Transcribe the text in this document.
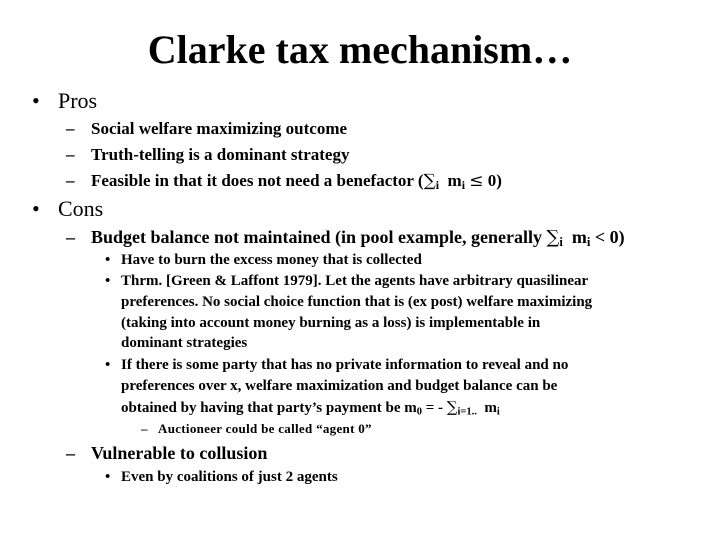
Clarke tax mechanism…
• Pros
– Social welfare maximizing outcome
– Truth-telling is a dominant strategy
– Feasible in that it does not need a benefactor ($\sum_i$ $m_i \le 0$)
• Cons
– Budget balance not maintained (in pool example, generally $\sum_i$ $m_i < 0$)
• Have to burn the excess money that is collected
• Thrm. [Green & Laffont 1979]. Let the agents have arbitrary quasilinear
preferences. No social choice function that is (ex post) welfare maximizing
(taking into account money burning as a loss) is implementable in
dominant strategies
• If there is some party that has no private information to reveal and no
preferences over x, welfare maximization and budget balance can be
obtained by having that party’s payment be $m_0$ = - $\sum_{i=1..}$ $m_i$
– Auctioneer could be called “agent 0”
– Vulnerable to collusion
• Even by coalitions of just 2 agents
